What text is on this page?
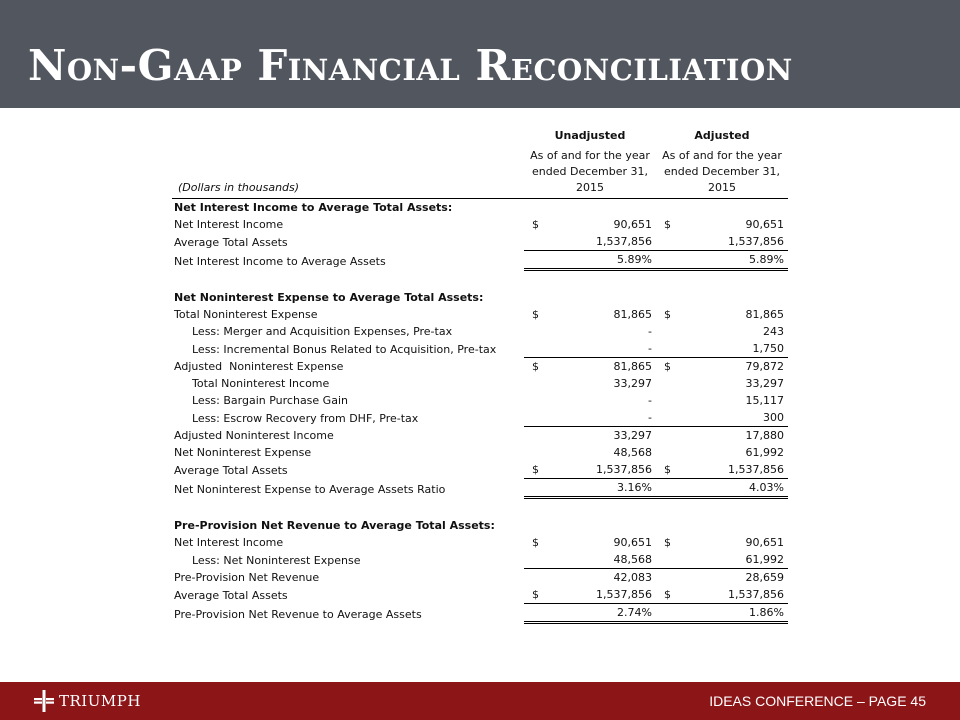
Non-Gaap Financial Reconciliation
	Unadjusted		Adjusted	

(Dollars in thousands)	As of and for the year ended December 31, 2015		As of and for the year ended December 31, 2015	
Net Interest Income to Average Total Assets:				
Net Interest Income	$	90,651	$	90,651
Average Total Assets		1,537,856		1,537,856
Net Interest Income to Average Assets		5.89%		5.89%

Net Noninterest Expense to Average Total Assets:				
Total Noninterest Expense	$	81,865	$	81,865
Less: Merger and Acquisition Expenses, Pre-tax		-		243
Less: Incremental Bonus Related to Acquisition, Pre-tax		-		1,750
Adjusted  Noninterest Expense	$	81,865	$	79,872
Total Noninterest Income		33,297		33,297
Less: Bargain Purchase Gain		-		15,117
Less: Escrow Recovery from DHF, Pre-tax		-		300
Adjusted Noninterest Income		33,297		17,880
Net Noninterest Expense		48,568		61,992
Average Total Assets	$	1,537,856	$	1,537,856
Net Noninterest Expense to Average Assets Ratio		3.16%		4.03%

Pre-Provision Net Revenue to Average Total Assets:				
Net Interest Income	$	90,651	$	90,651
Less: Net Noninterest Expense		48,568		61,992
Pre-Provision Net Revenue		42,083		28,659
Average Total Assets	$	1,537,856	$	1,537,856
Pre-Provision Net Revenue to Average Assets		2.74%		1.86%
TRIUMPH	IDEAS CONFERENCE – PAGE 45
